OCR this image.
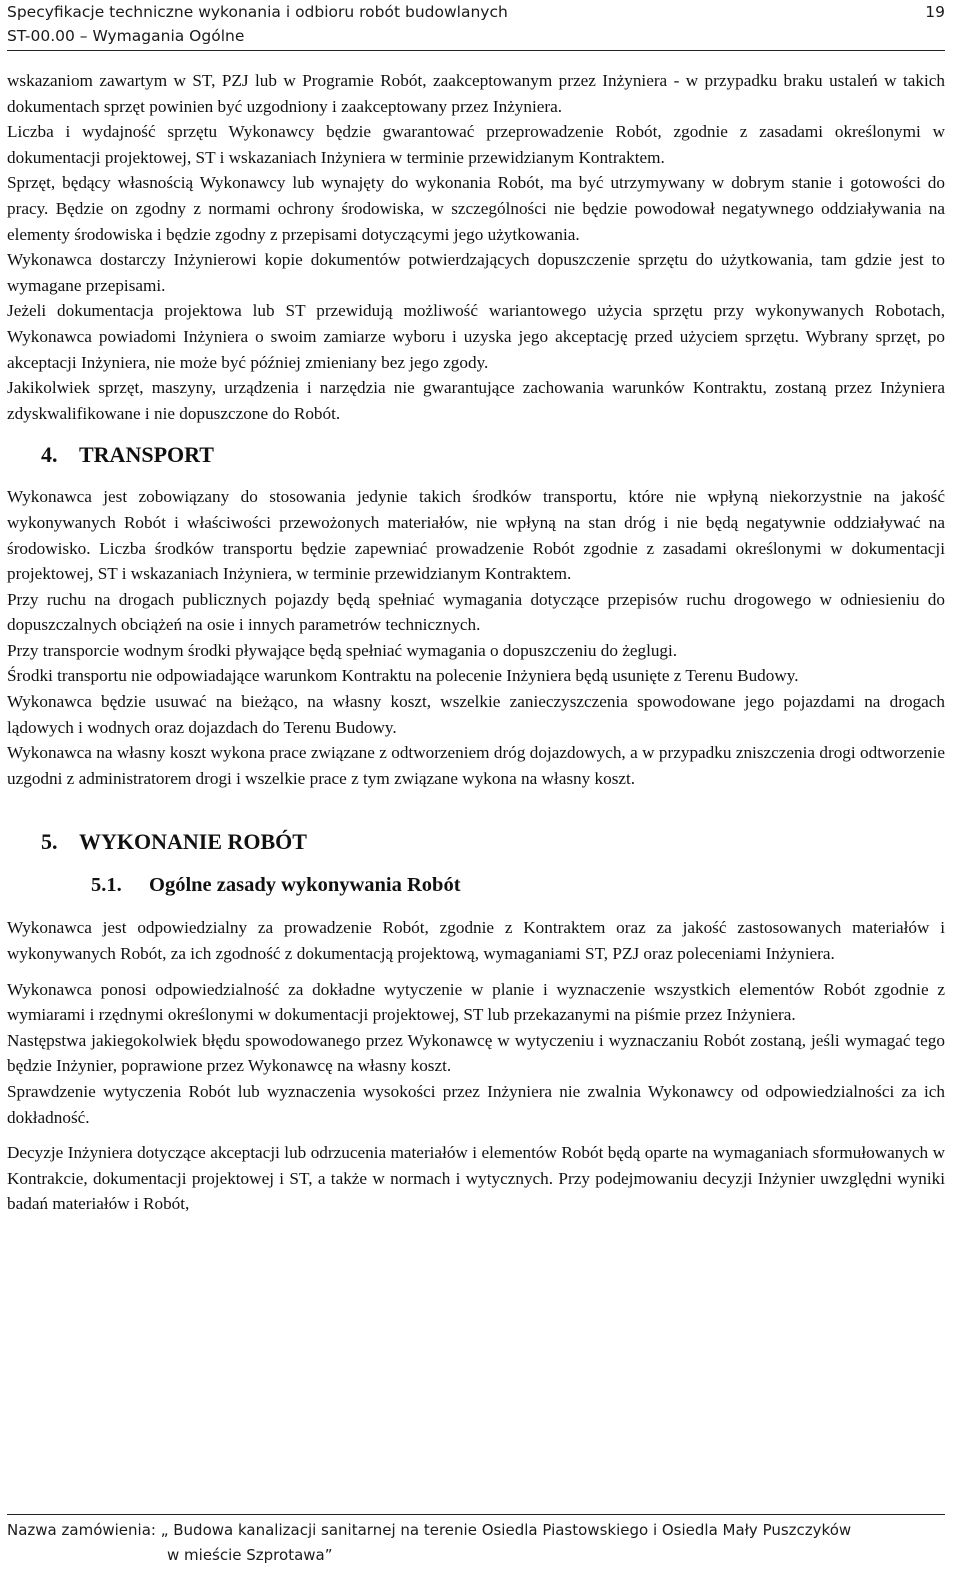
Specyfikacje techniczne wykonania i odbioru robót budowlanych	19
ST-00.00 – Wymagania Ogólne

wskazaniom zawartym w ST, PZJ lub w Programie Robót, zaakceptowanym przez Inżyniera - w przypadku braku ustaleń w takich dokumentach sprzęt powinien być uzgodniony i zaakceptowany przez Inżyniera.

Liczba i wydajność sprzętu Wykonawcy będzie gwarantować przeprowadzenie Robót, zgodnie z zasadami określonymi w dokumentacji projektowej, ST i wskazaniach Inżyniera w terminie przewidzianym Kontraktem.

Sprzęt, będący własnością Wykonawcy lub wynajęty do wykonania Robót, ma być utrzymywany w dobrym stanie i gotowości do pracy. Będzie on zgodny z normami ochrony środowiska, w szczególności nie będzie powodował negatywnego oddziaływania na elementy środowiska i będzie zgodny z przepisami dotyczącymi jego użytkowania.

Wykonawca dostarczy Inżynierowi kopie dokumentów potwierdzających dopuszczenie sprzętu do użytkowania, tam gdzie jest to wymagane przepisami.

Jeżeli dokumentacja projektowa lub ST przewidują możliwość wariantowego użycia sprzętu przy wykonywanych Robotach, Wykonawca powiadomi Inżyniera o swoim zamiarze wyboru i uzyska jego akceptację przed użyciem sprzętu. Wybrany sprzęt, po akceptacji Inżyniera, nie może być później zmieniany bez jego zgody.

Jakikolwiek sprzęt, maszyny, urządzenia i narzędzia nie gwarantujące zachowania warunków Kontraktu, zostaną przez Inżyniera zdyskwalifikowane i nie dopuszczone do Robót.

4. TRANSPORT

Wykonawca jest zobowiązany do stosowania jedynie takich środków transportu, które nie wpłyną niekorzystnie na jakość wykonywanych Robót i właściwości przewożonych materiałów, nie wpłyną na stan dróg i nie będą negatywnie oddziaływać na środowisko. Liczba środków transportu będzie zapewniać prowadzenie Robót zgodnie z zasadami określonymi w dokumentacji projektowej, ST i wskazaniach Inżyniera, w terminie przewidzianym Kontraktem.

Przy ruchu na drogach publicznych pojazdy będą spełniać wymagania dotyczące przepisów ruchu drogowego w odniesieniu do dopuszczalnych obciążeń na osie i innych parametrów technicznych.

Przy transporcie wodnym środki pływające będą spełniać wymagania o dopuszczeniu do żeglugi.

Środki transportu nie odpowiadające warunkom Kontraktu na polecenie Inżyniera będą usunięte z Terenu Budowy.

Wykonawca będzie usuwać na bieżąco, na własny koszt, wszelkie zanieczyszczenia spowodowane jego pojazdami na drogach lądowych i wodnych oraz dojazdach do Terenu Budowy.

Wykonawca na własny koszt wykona prace związane z odtworzeniem dróg dojazdowych, a w przypadku zniszczenia drogi odtworzenie uzgodni z administratorem drogi i wszelkie prace z tym związane wykona na własny koszt.

5. WYKONANIE ROBÓT
5.1. Ogólne zasady wykonywania Robót

Wykonawca jest odpowiedzialny za prowadzenie Robót, zgodnie z Kontraktem oraz za jakość zastosowanych materiałów i wykonywanych Robót, za ich zgodność z dokumentacją projektową, wymaganiami ST, PZJ oraz poleceniami Inżyniera.

Wykonawca ponosi odpowiedzialność za dokładne wytyczenie w planie i wyznaczenie wszystkich elementów Robót zgodnie z wymiarami i rzędnymi określonymi w dokumentacji projektowej, ST lub przekazanymi na piśmie przez Inżyniera.

Następstwa jakiegokolwiek błędu spowodowanego przez Wykonawcę w wytyczeniu i wyznaczaniu Robót zostaną, jeśli wymagać tego będzie Inżynier, poprawione przez Wykonawcę na własny koszt.

Sprawdzenie wytyczenia Robót lub wyznaczenia wysokości przez Inżyniera nie zwalnia Wykonawcy od odpowiedzialności za ich dokładność.

Decyzje Inżyniera dotyczące akceptacji lub odrzucenia materiałów i elementów Robót będą oparte na wymaganiach sformułowanych w Kontrakcie, dokumentacji projektowej i ST, a także w normach i wytycznych. Przy podejmowaniu decyzji Inżynier uwzględni wyniki badań materiałów i Robót,

Nazwa zamówienia: „ Budowa kanalizacji sanitarnej na terenie Osiedla Piastowskiego i Osiedla Mały Puszczyków
w mieście Szprotawa”
